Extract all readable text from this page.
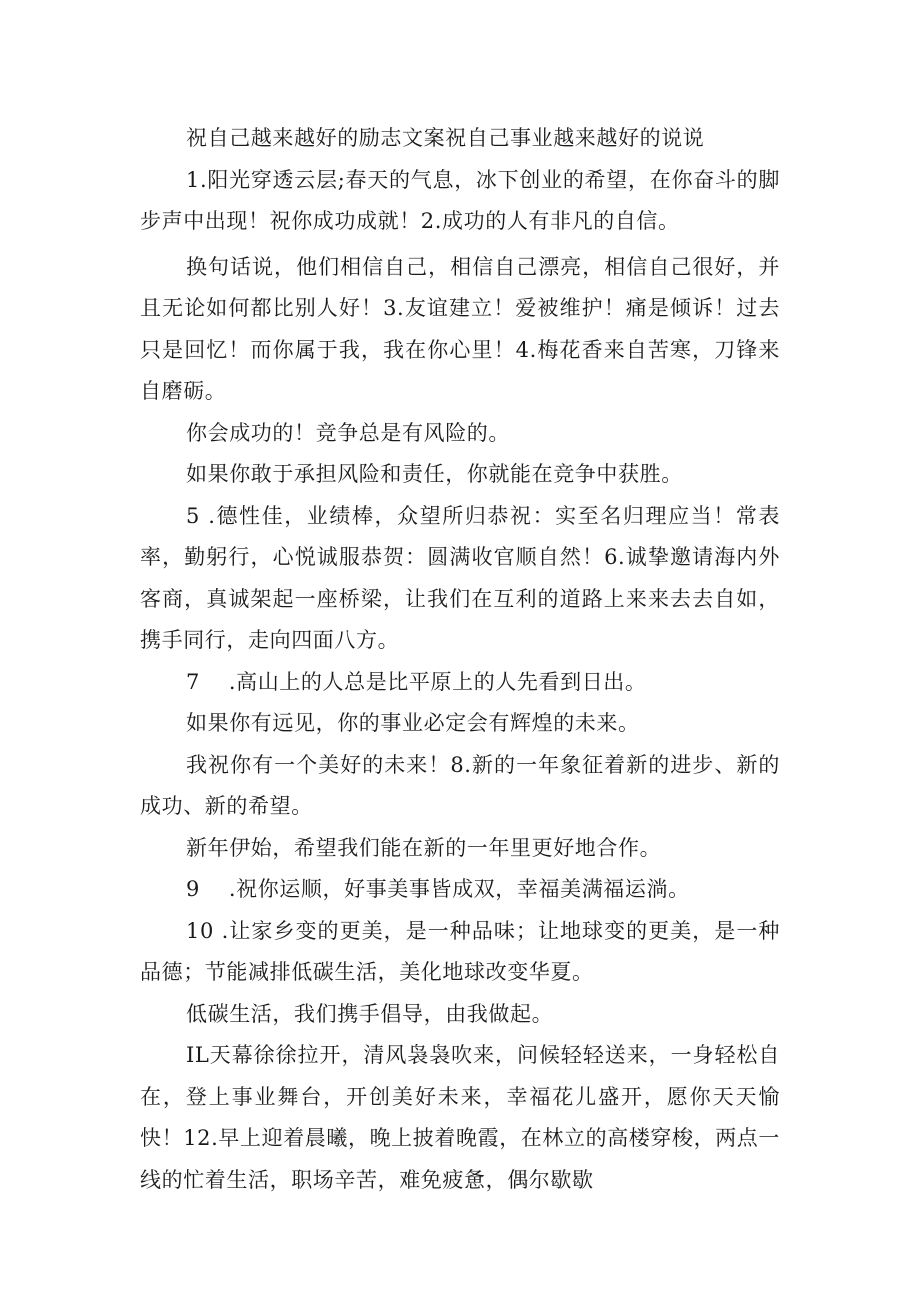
祝自己越来越好的励志文案祝自己事业越来越好的说说

1.阳光穿透云层;春天的气息，冰下创业的希望，在你奋斗的脚步声中出现！祝你成功成就！2.成功的人有非凡的自信。

换句话说，他们相信自己，相信自己漂亮，相信自己很好，并且无论如何都比别人好！3.友谊建立！爱被维护！痛是倾诉！过去只是回忆！而你属于我，我在你心里！4.梅花香来自苦寒，刀锋来自磨砺。

你会成功的！竞争总是有风险的。

如果你敢于承担风险和责任，你就能在竞争中获胜。

5 .德性佳，业绩棒，众望所归恭祝：实至名归理应当！常表率，勤躬行，心悦诚服恭贺：圆满收官顺自然！6.诚挚邀请海内外客商，真诚架起一座桥梁，让我们在互利的道路上来来去去自如，携手同行，走向四面八方。

7　 .高山上的人总是比平原上的人先看到日出。

如果你有远见，你的事业必定会有辉煌的未来。

我祝你有一个美好的未来！8.新的一年象征着新的进步、新的成功、新的希望。

新年伊始，希望我们能在新的一年里更好地合作。

9　 .祝你运顺，好事美事皆成双，幸福美满福运淌。

10 .让家乡变的更美，是一种品味；让地球变的更美，是一种品德；节能减排低碳生活，美化地球改变华夏。

低碳生活，我们携手倡导，由我做起。

IL天幕徐徐拉开，清风袅袅吹来，问候轻轻送来，一身轻松自在，登上事业舞台，开创美好未来，幸福花儿盛开，愿你天天愉快！12.早上迎着晨曦，晚上披着晚霞，在林立的高楼穿梭，两点一线的忙着生活，职场辛苦，难免疲惫，偶尔歇歇
